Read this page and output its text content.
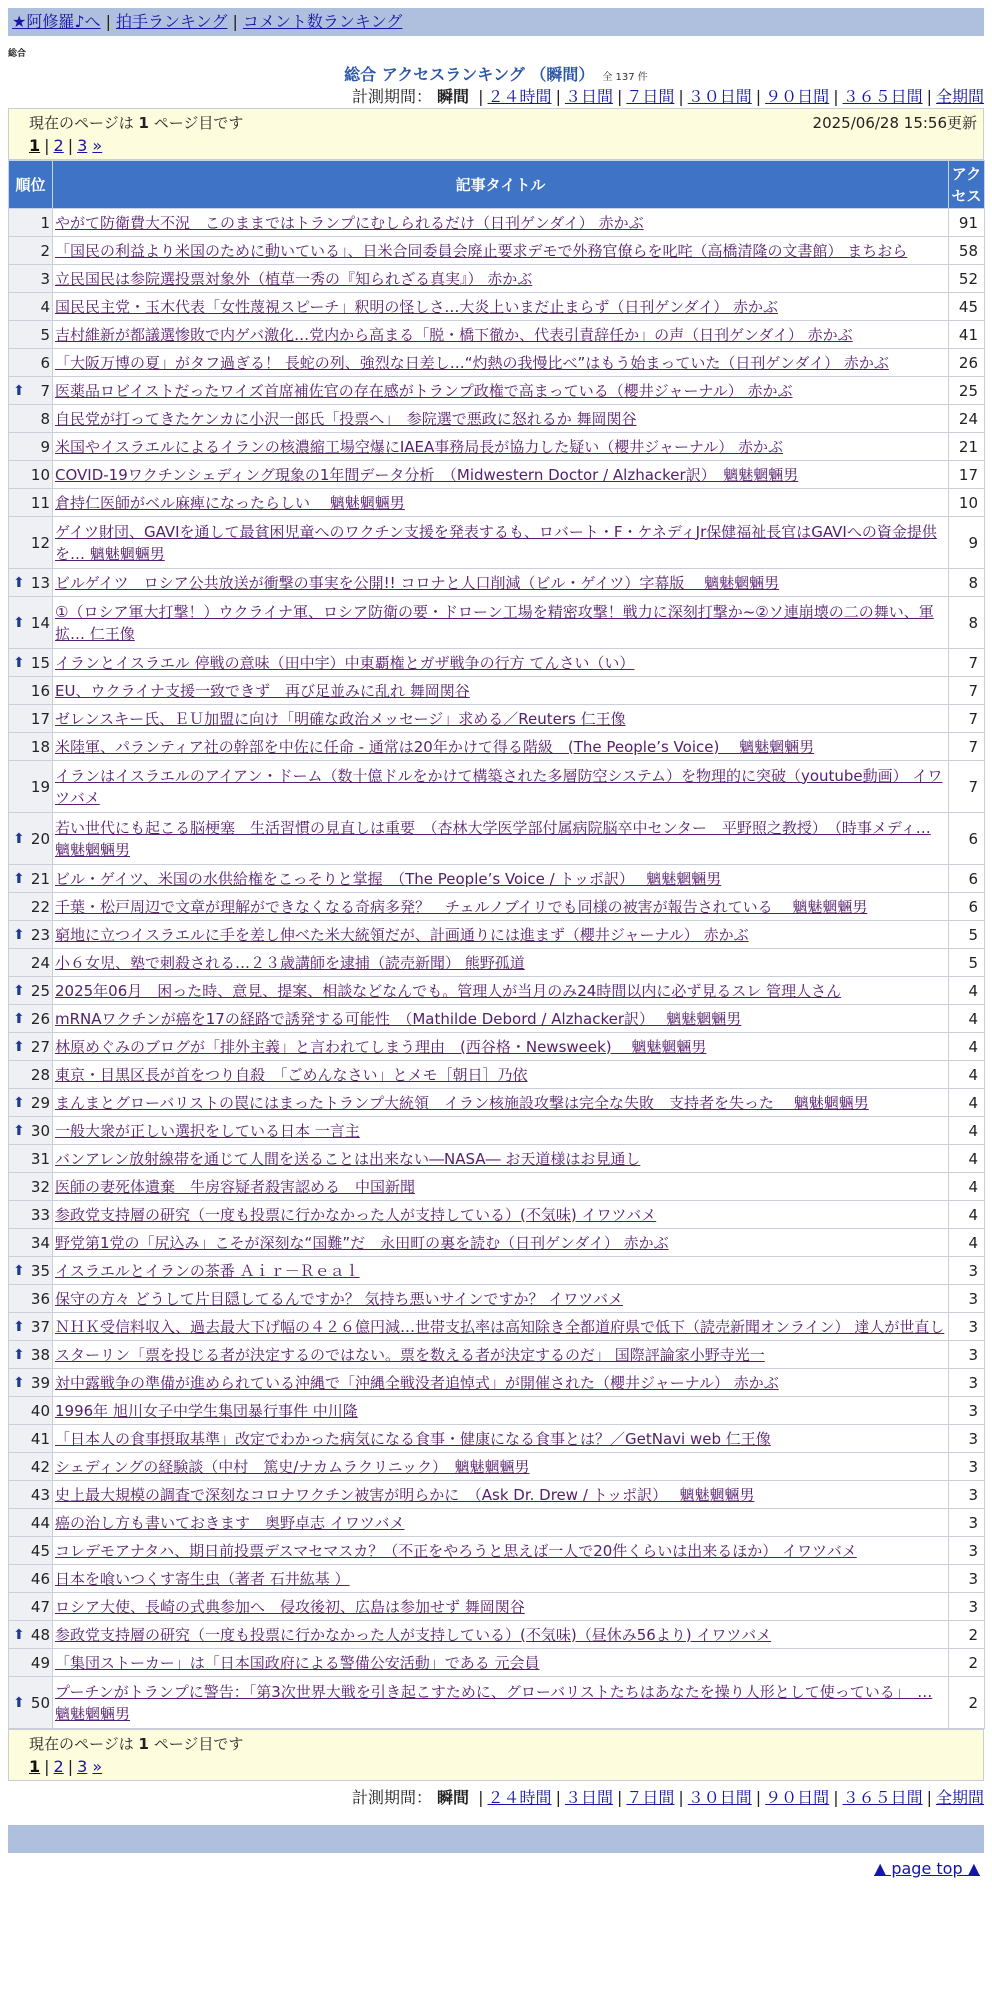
★阿修羅♪へ | 拍手ランキング | コメント数ランキング
総合
総合 アクセスランキング （瞬間） 全 137 件
計測期間： 瞬間 | ２４時間 | ３日間 | ７日間 | ３０日間 | ９０日間 | ３６５日間 | 全期間
現在のページは 1 ページ目です	2025/06/28 15:56更新
1 | 2 | 3 »
順位	記事タイトル	アクセス
1	やがて防衛費大不況　このままではトランプにむしられるだけ（日刊ゲンダイ） 赤かぶ	91
2	「国民の利益より米国のために動いている」、日米合同委員会廃止要求デモで外務官僚らを叱咤（高橋清隆の文書館） まちおら	58
3	立民国民は参院選投票対象外（植草一秀の『知られざる真実』） 赤かぶ	52
4	国民民主党・玉木代表「女性蔑視スピーチ」釈明の怪しさ…大炎上いまだ止まらず（日刊ゲンダイ） 赤かぶ	45
5	吉村維新が都議選惨敗で内ゲバ激化…党内から高まる「脱・橋下徹か、代表引責辞任か」の声（日刊ゲンダイ） 赤かぶ	41
6	「大阪万博の夏」がタフ過ぎる！ 長蛇の列、強烈な日差し…“灼熱の我慢比べ”はもう始まっていた（日刊ゲンダイ） 赤かぶ	26

⬆ 7	医薬品ロビイストだったワイズ首席補佐官の存在感がトランプ政権で高まっている（櫻井ジャーナル） 赤かぶ	25
8	自民党が打ってきたケンカに小沢一郎氏「投票へ」　参院選で悪政に怒れるか 舞岡関谷	24
9	米国やイスラエルによるイランの核濃縮工場空爆にIAEA事務局長が協力した疑い（櫻井ジャーナル） 赤かぶ	21
10	COVID-19ワクチンシェディング現象の1年間データ分析　（Midwestern Doctor / Alzhacker訳）　魑魅魍魎男	17
11	倉持仁医師がベル麻痺になったらしい　 魑魅魍魎男	10
12	ゲイツ財団、GAVIを通して最貧困児童へのワクチン支援を発表するも、ロバート・F・ケネディJr保健福祉長官はGAVIへの資金提供を… 魑魅魍魎男	9

⬆ 13	ビルゲイツ　ロシア公共放送が衝撃の事実を公開!! コロナと人口削減（ビル・ゲイツ）字幕版　 魑魅魍魎男	8

⬆ 14	①（ロシア軍大打撃！）ウクライナ軍、ロシア防衛の要・ドローン工場を精密攻撃！戦力に深刻打撃か~②ソ連崩壊の二の舞い、軍拡… 仁王像	8

⬆ 15	イランとイスラエル 停戦の意味（田中宇）中東覇権とガザ戦争の行方 てんさい（い）	7
16	EU、ウクライナ支援一致できず　再び足並みに乱れ 舞岡関谷	7
17	ゼレンスキー氏、ＥＵ加盟に向け「明確な政治メッセージ」求める／Reuters 仁王像	7
18	米陸軍、パランティア社の幹部を中佐に任命 - 通常は20年かけて得る階級　(The People’s Voice)　 魑魅魍魎男	7
19	イランはイスラエルのアイアン・ドーム（数十億ドルをかけて構築された多層防空システム）を物理的に突破（youtube動画） イワツバメ	7

⬆ 20	若い世代にも起こる脳梗塞　生活習慣の見直しは重要　（杏林大学医学部付属病院脳卒中センター　平野照之教授）　（時事メディ… 魑魅魍魎男	6

⬆ 21	ビル・ゲイツ、米国の水供給権をこっそりと掌握　（The People’s Voice / トッポ訳）　 魑魅魍魎男	6
22	千葉・松戸周辺で文章が理解ができなくなる奇病多発？　チェルノブイリでも同様の被害が報告されている　 魑魅魍魎男	6

⬆ 23	窮地に立つイスラエルに手を差し伸べた米大統領だが、計画通りには進まず（櫻井ジャーナル） 赤かぶ	5
24	小６女児、塾で刺殺される…２３歳講師を逮捕（読売新聞） 熊野孤道	5

⬆ 25	2025年06月　困った時、意見、提案、相談などなんでも。管理人が当月のみ24時間以内に必ず見るスレ 管理人さん	4

⬆ 26	mRNAワクチンが癌を17の経路で誘発する可能性　（Mathilde Debord / Alzhacker訳）　 魑魅魍魎男	4

⬆ 27	林原めぐみのブログが「排外主義」と言われてしまう理由　(西谷格・Newsweek)　 魑魅魍魎男	4
28	東京・目黒区長が首をつり自殺　「ごめんなさい」とメモ［朝日］乃依	4

⬆ 29	まんまとグローバリストの罠にはまったトランプ大統領　イラン核施設攻撃は完全な失敗　支持者を失った　 魑魅魍魎男	4

⬆ 30	一般大衆が正しい選択をしている日本 一言主	4
31	バンアレン放射線帯を通じて人間を送ることは出来ない―NASA― お天道様はお見通し	4
32	医師の妻死体遺棄　牛房容疑者殺害認める　中国新聞	4
33	参政党支持層の研究（一度も投票に行かなかった人が支持している）(不気味) イワツバメ	4
34	野党第1党の「尻込み」こそが深刻な“国難”だ　永田町の裏を読む（日刊ゲンダイ） 赤かぶ	4

⬆ 35	イスラエルとイランの茶番 Ａｉｒ－Ｒｅａｌ	3
36	保守の方々 どうして片目隠してるんですか？ 気持ち悪いサインですか？ イワツバメ	3

⬆ 37	ＮＨＫ受信料収入、過去最大下げ幅の４２６億円減…世帯支払率は高知除き全都道府県で低下（読売新聞オンライン） 達人が世直し	3

⬆ 38	スターリン「票を投じる者が決定するのではない。票を数える者が決定するのだ」 国際評論家小野寺光一	3

⬆ 39	対中露戦争の準備が進められている沖縄で「沖縄全戦没者追悼式」が開催された（櫻井ジャーナル） 赤かぶ	3
40	1996年 旭川女子中学生集団暴行事件 中川隆	3
41	「日本人の食事摂取基準」改定でわかった病気になる食事・健康になる食事とは？／GetNavi web 仁王像	3
42	シェディングの経験談（中村　篤史/ナカムラクリニック）　魑魅魍魎男	3
43	史上最大規模の調査で深刻なコロナワクチン被害が明らかに　（Ask Dr. Drew / トッポ訳）　 魑魅魍魎男	3
44	癌の治し方も書いておきます　奥野卓志 イワツバメ	3
45	コレデモアナタハ、期日前投票デスマセマスカ？（不正をやろうと思えば一人で20件くらいは出来るほか） イワツバメ	3
46	日本を喰いつくす寄生虫（著者 石井紘基 ）	3
47	ロシア大使、長崎の式典参加へ　侵攻後初、広島は参加せず 舞岡関谷	3

⬆ 48	参政党支持層の研究（一度も投票に行かなかった人が支持している）(不気味)（昼休み56より) イワツバメ	2
49	「集団ストーカー」は「日本国政府による警備公安活動」である 元会員	2

⬆ 50	プーチンがトランプに警告：「第3次世界大戦を引き起こすために、グローバリストたちはあなたを操り人形として使っている」　… 魑魅魍魎男	2
現在のページは 1 ページ目です
1 | 2 | 3 »
計測期間： 瞬間 | ２４時間 | ３日間 | ７日間 | ３０日間 | ９０日間 | ３６５日間 | 全期間
▲ page top ▲
